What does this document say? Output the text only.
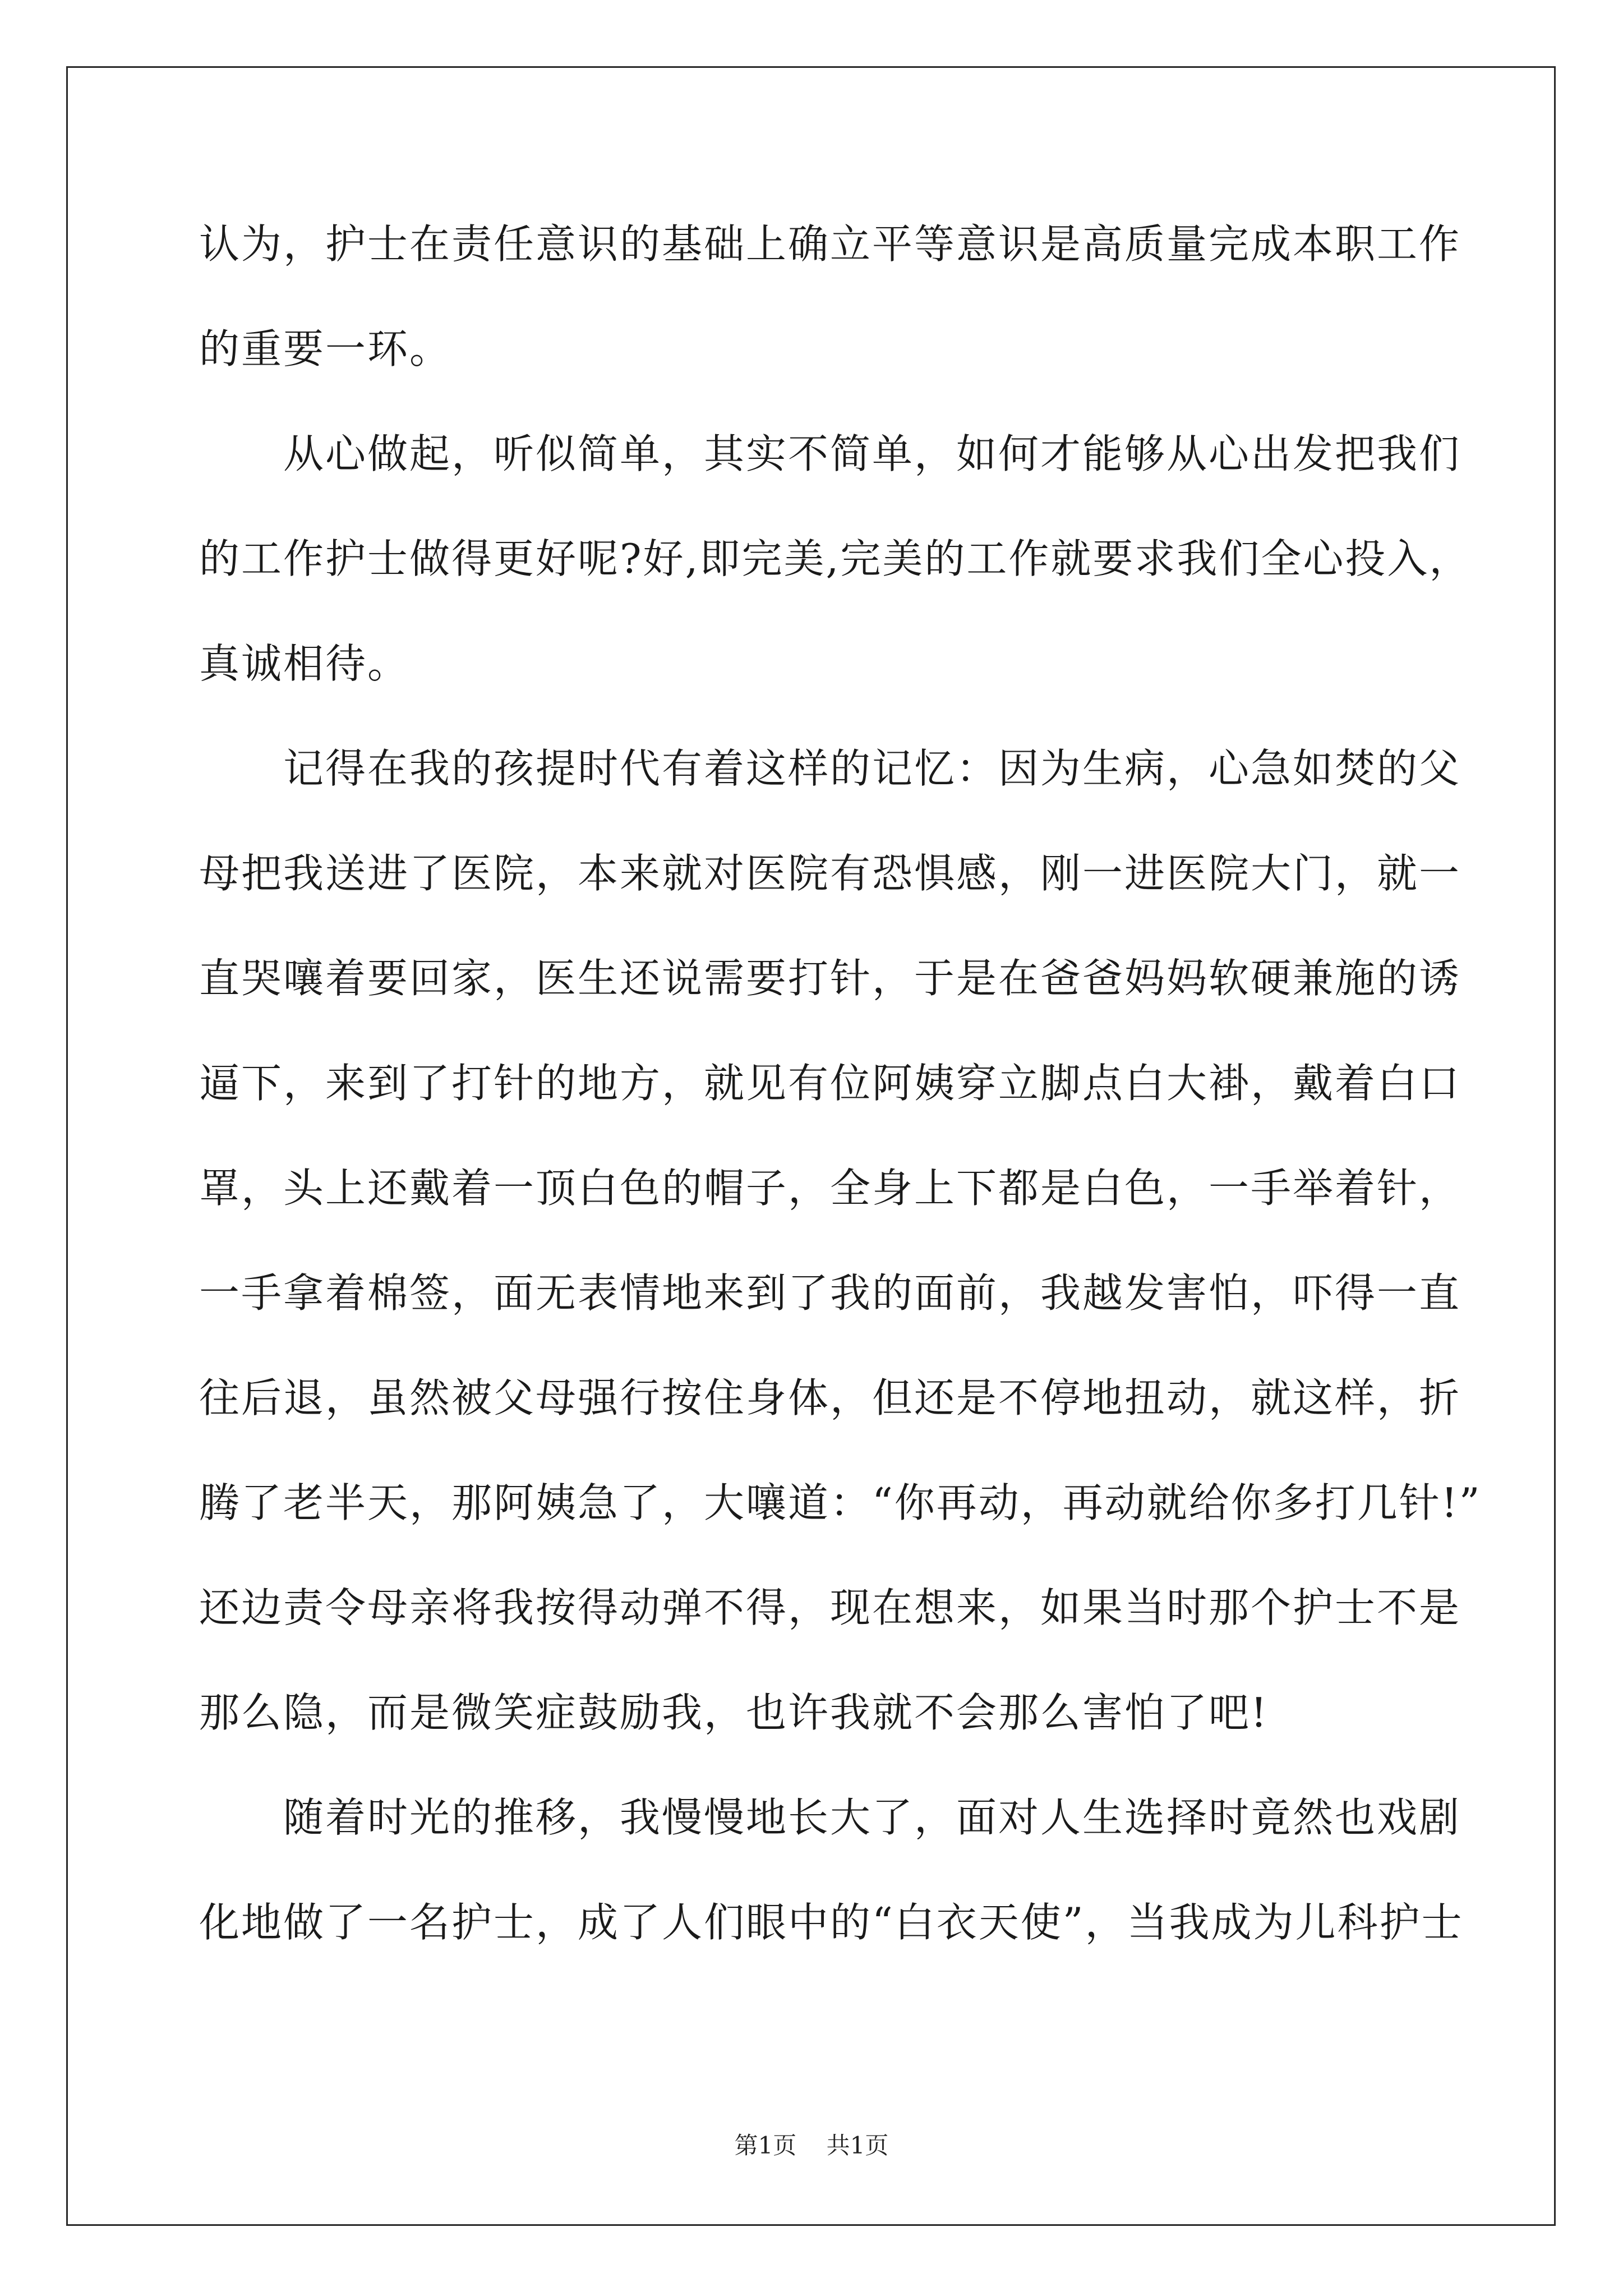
认为，护士在责任意识的基础上确立平等意识是高质量完成本职工作
的重要一环。
从心做起，听似简单，其实不简单，如何才能够从心出发把我们
的工作护士做得更好呢?好,即完美,完美的工作就要求我们全心投入，
真诚相待。
记得在我的孩提时代有着这样的记忆：因为生病，心急如焚的父
母把我送进了医院，本来就对医院有恐惧感，刚一进医院大门，就一
直哭嚷着要回家，医生还说需要打针，于是在爸爸妈妈软硬兼施的诱
逼下，来到了打针的地方，就见有位阿姨穿立脚点白大褂，戴着白口
罩，头上还戴着一顶白色的帽子，全身上下都是白色，一手举着针，
一手拿着棉签，面无表情地来到了我的面前，我越发害怕，吓得一直
往后退，虽然被父母强行按住身体，但还是不停地扭动，就这样，折
腾了老半天，那阿姨急了，大嚷道：“你再动，再动就给你多打几针!”
还边责令母亲将我按得动弹不得，现在想来，如果当时那个护士不是
那么隐，而是微笑症鼓励我，也许我就不会那么害怕了吧!
随着时光的推移，我慢慢地长大了，面对人生选择时竟然也戏剧
化地做了一名护士，成了人们眼中的“白衣天使”，当我成为儿科护士
第1页 共1页
